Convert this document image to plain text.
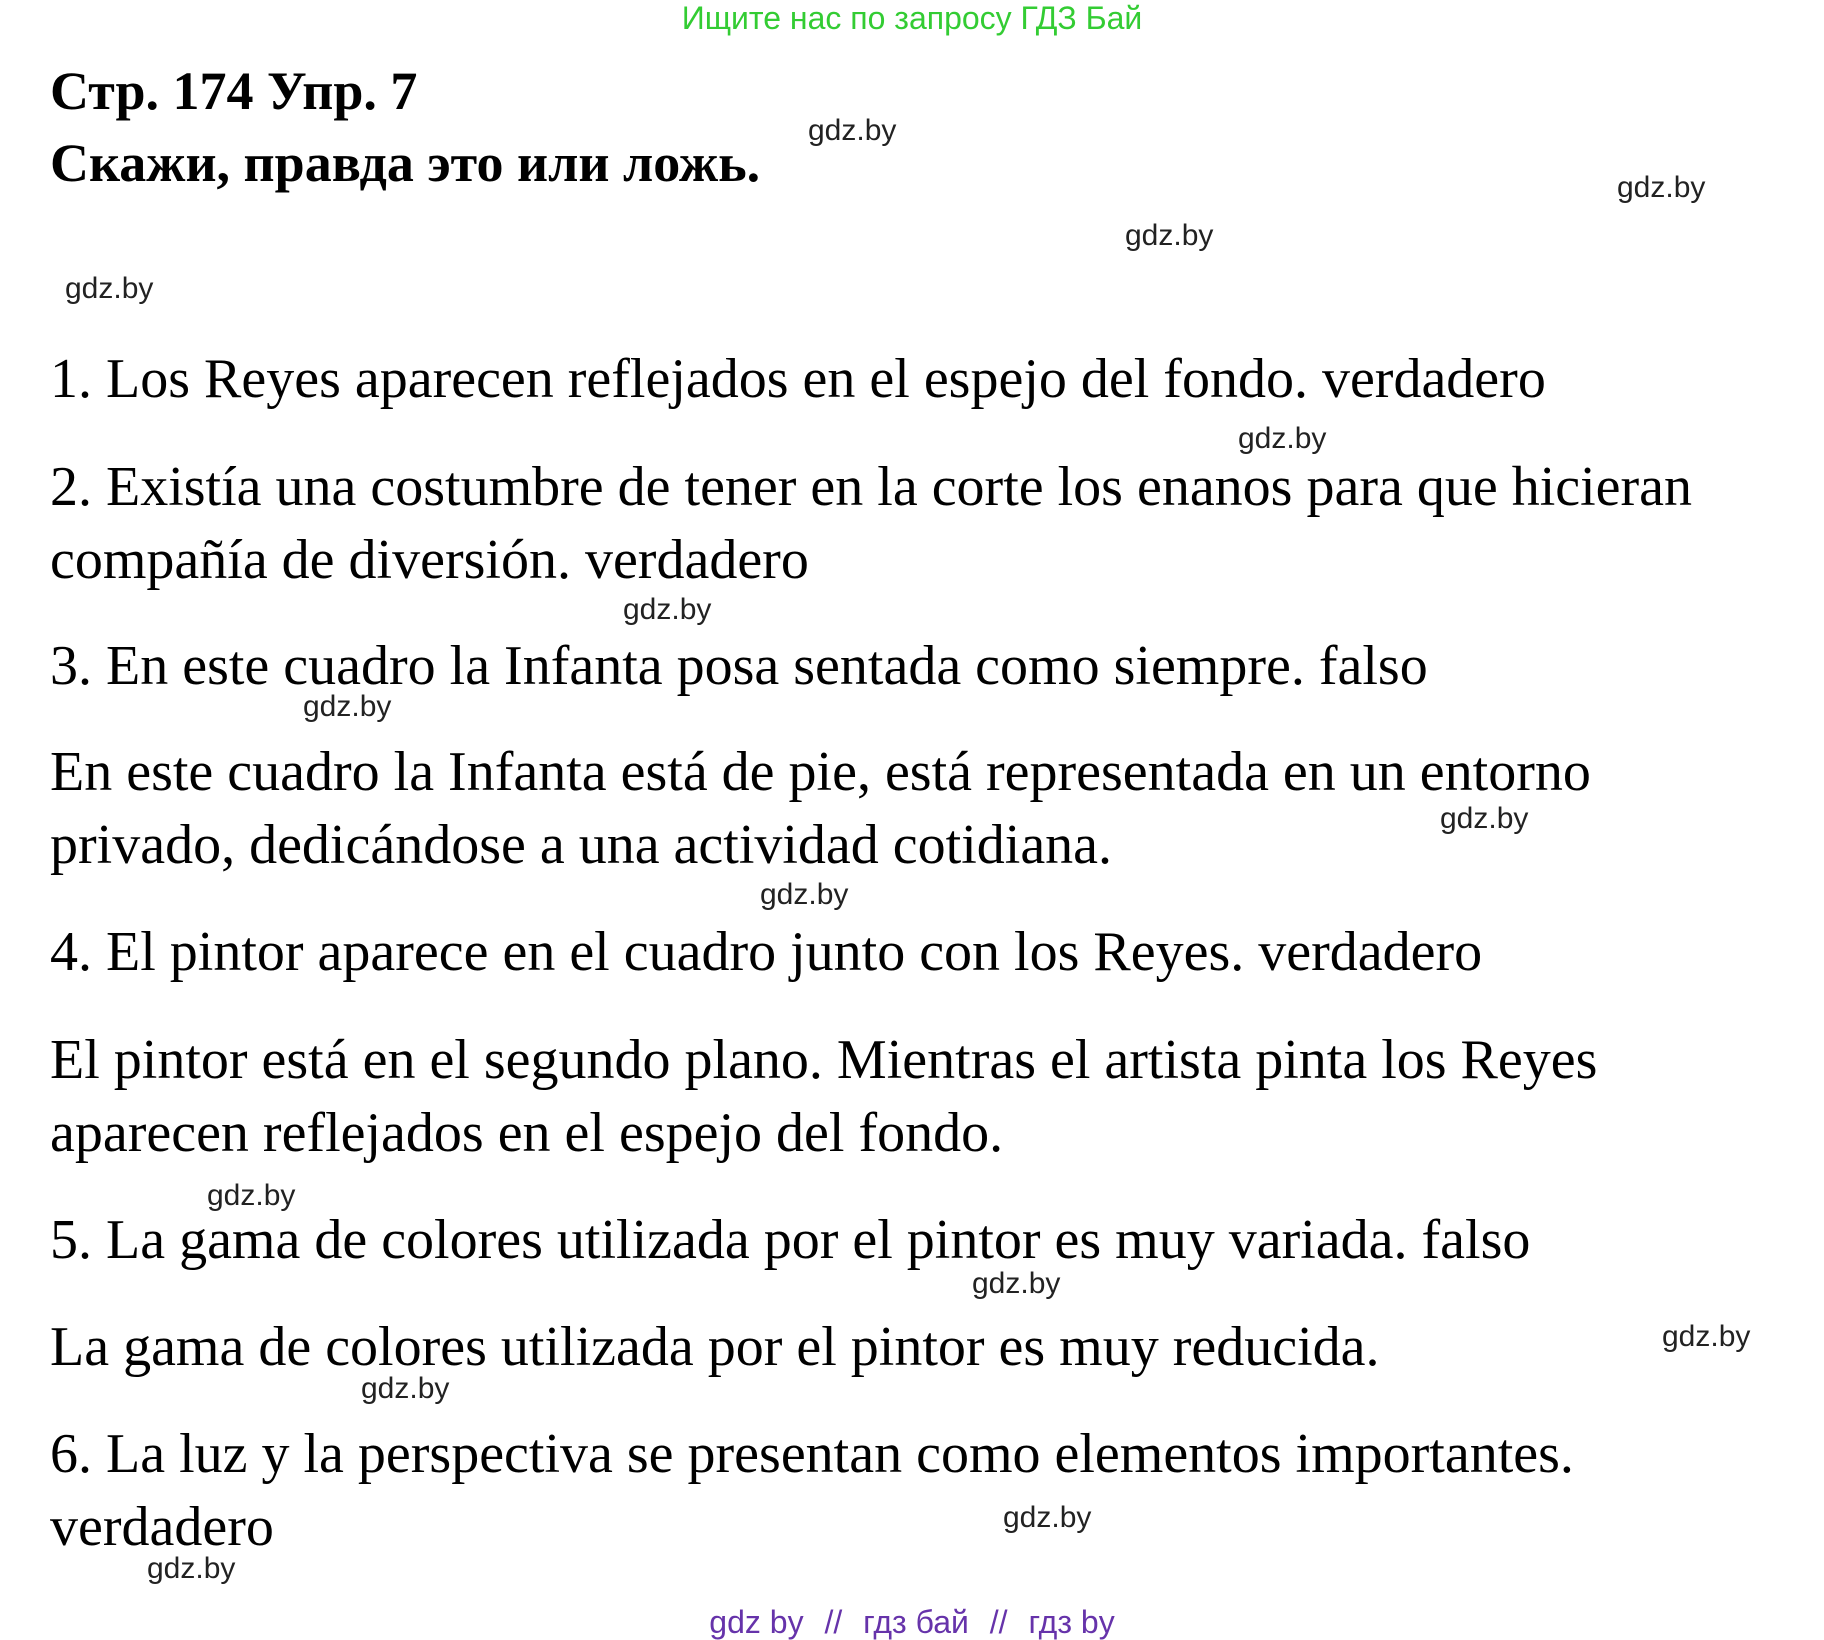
Ищите нас по запросу ГДЗ Бай
Стр. 174 Упр. 7
Скажи, правда это или ложь.
1. Los Reyes aparecen reflejados en el espejo del fondo. verdadero
2. Existía una costumbre de tener en la corte los enanos para que hicieran
compañía de diversión. verdadero
3. En este cuadro la Infanta posa sentada como siempre. falso
En este cuadro la Infanta está de pie, está representada en un entorno
privado, dedicándose a una actividad cotidiana.
4. El pintor aparece en el cuadro junto con los Reyes. verdadero
El pintor está en el segundo plano. Mientras el artista pinta los Reyes
aparecen reflejados en el espejo del fondo.
5. La gama de colores utilizada por el pintor es muy variada. falso
La gama de colores utilizada por el pintor es muy reducida.
6. La luz y la perspectiva se presentan como elementos importantes.
verdadero
gdz.by
gdz.by
gdz.by
gdz.by
gdz.by
gdz.by
gdz.by
gdz.by
gdz.by
gdz.by
gdz.by
gdz.by
gdz.by
gdz.by
gdz.by
gdz by // гдз бай // гдз by
